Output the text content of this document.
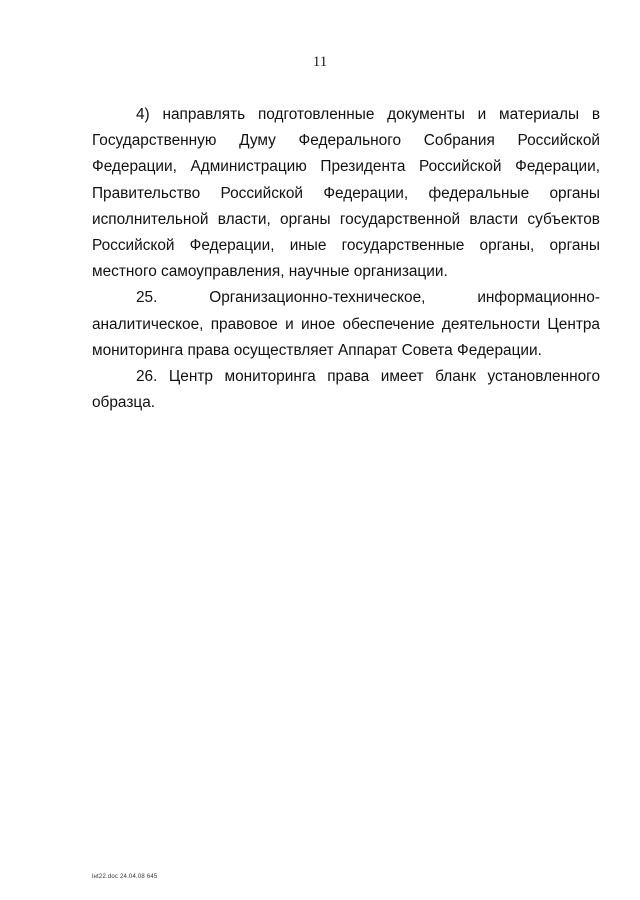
11

4) направлять подготовленные документы и материалы в Государственную Думу Федерального Собрания Российской Федерации, Администрацию Президента Российской Федерации, Правительство Российской Федерации, федеральные органы исполнительной власти, органы государственной власти субъектов Российской Федерации, иные государственные органы, органы местного самоуправления, научные организации.

25. Организационно-техническое, информационно-аналитическое, правовое и иное обеспечение деятельности Центра мониторинга права осуществляет Аппарат Совета Федерации.

26. Центр мониторинга права имеет бланк установленного образца.

lнt22.doc 24.04.08 645
